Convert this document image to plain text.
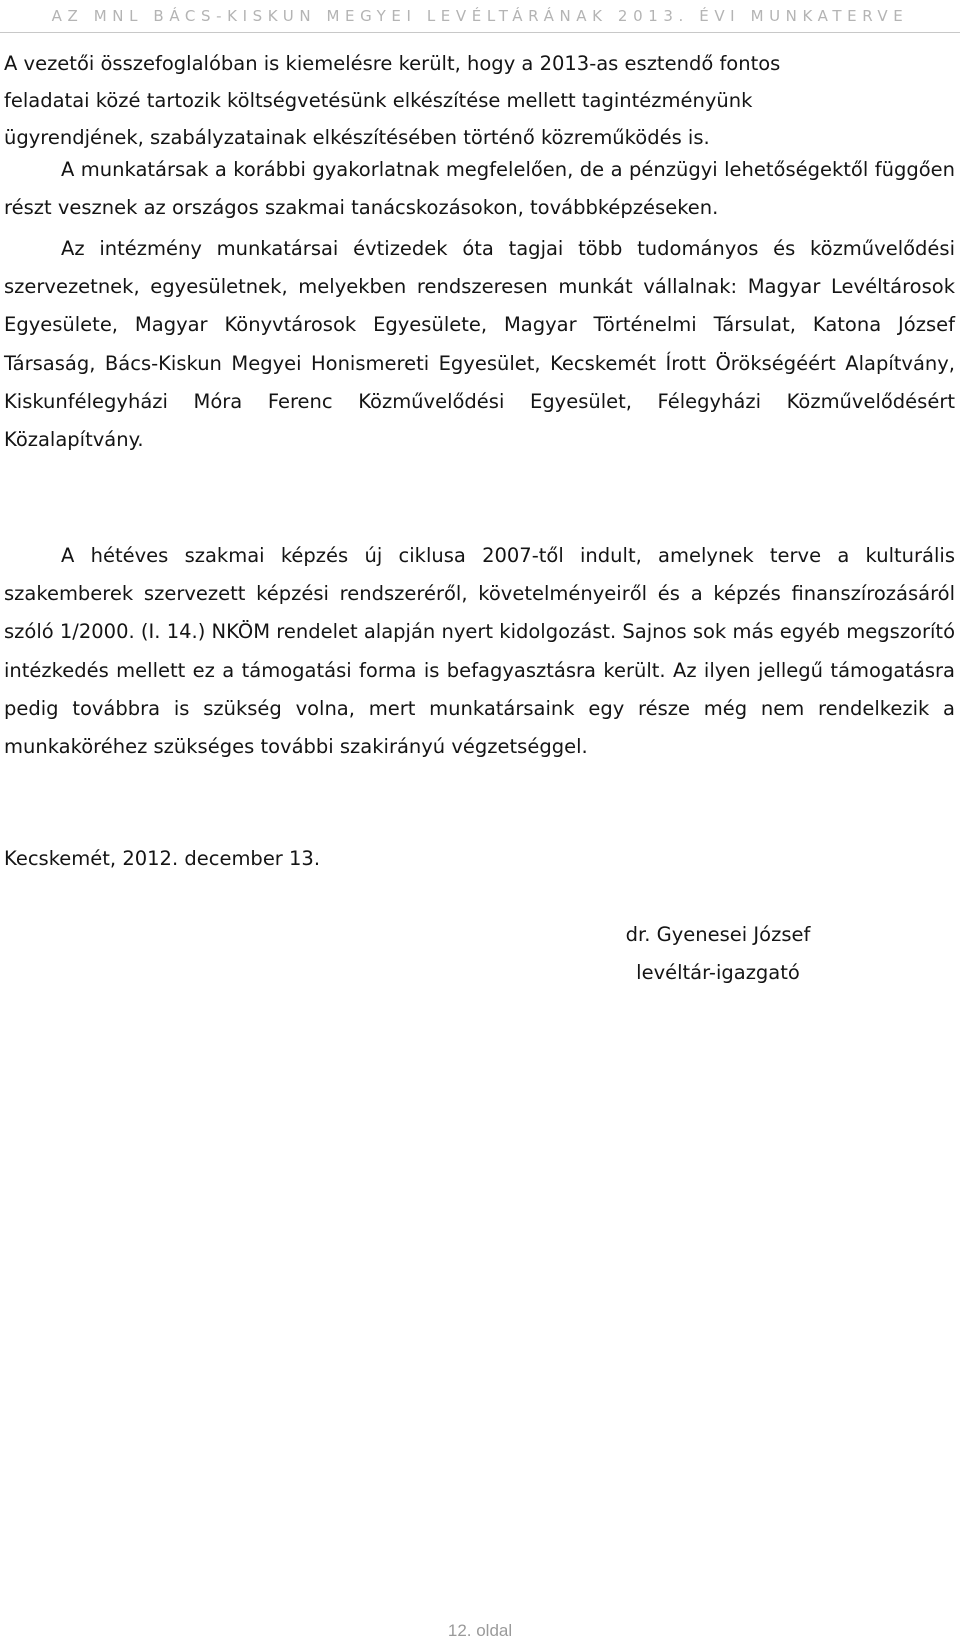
AZ MNL BÁCS-KISKUN MEGYEI LEVÉLTÁRÁNAK 2013. ÉVI MUNKATERVE
A vezetői összefoglalóban is kiemelésre került, hogy a 2013-as esztendő fontos
feladatai közé tartozik költségvetésünk elkészítése mellett tagintézményünk
ügyrendjének, szabályzatainak elkészítésében történő közreműködés is.

A munkatársak a korábbi gyakorlatnak megfelelően, de a pénzügyi lehetőségektől függően részt vesznek az országos szakmai tanácskozásokon, továbbképzéseken.

Az intézmény munkatársai évtizedek óta tagjai több tudományos és közművelődési szervezetnek, egyesületnek, melyekben rendszeresen munkát vállalnak: Magyar Levéltárosok Egyesülete, Magyar Könyvtárosok Egyesülete, Magyar Történelmi Társulat, Katona József Társaság, Bács-Kiskun Megyei Honismereti Egyesület, Kecskemét Írott Örökségéért Alapítvány, Kiskunfélegyházi Móra Ferenc Közművelődési Egyesület, Félegyházi Közművelődésért Közalapítvány.

A hétéves szakmai képzés új ciklusa 2007-től indult, amelynek terve a kulturális szakemberek szervezett képzési rendszeréről, követelményeiről és a képzés finanszírozásáról szóló 1/2000. (I. 14.) NKÖM rendelet alapján nyert kidolgozást. Sajnos sok más egyéb megszorító intézkedés mellett ez a támogatási forma is befagyasztásra került. Az ilyen jellegű támogatásra pedig továbbra is szükség volna, mert munkatársaink egy része még nem rendelkezik a munkaköréhez szükséges további szakirányú végzetséggel.

Kecskemét, 2012. december 13.

dr. Gyenesei József
levéltár-igazgató
12. oldal
